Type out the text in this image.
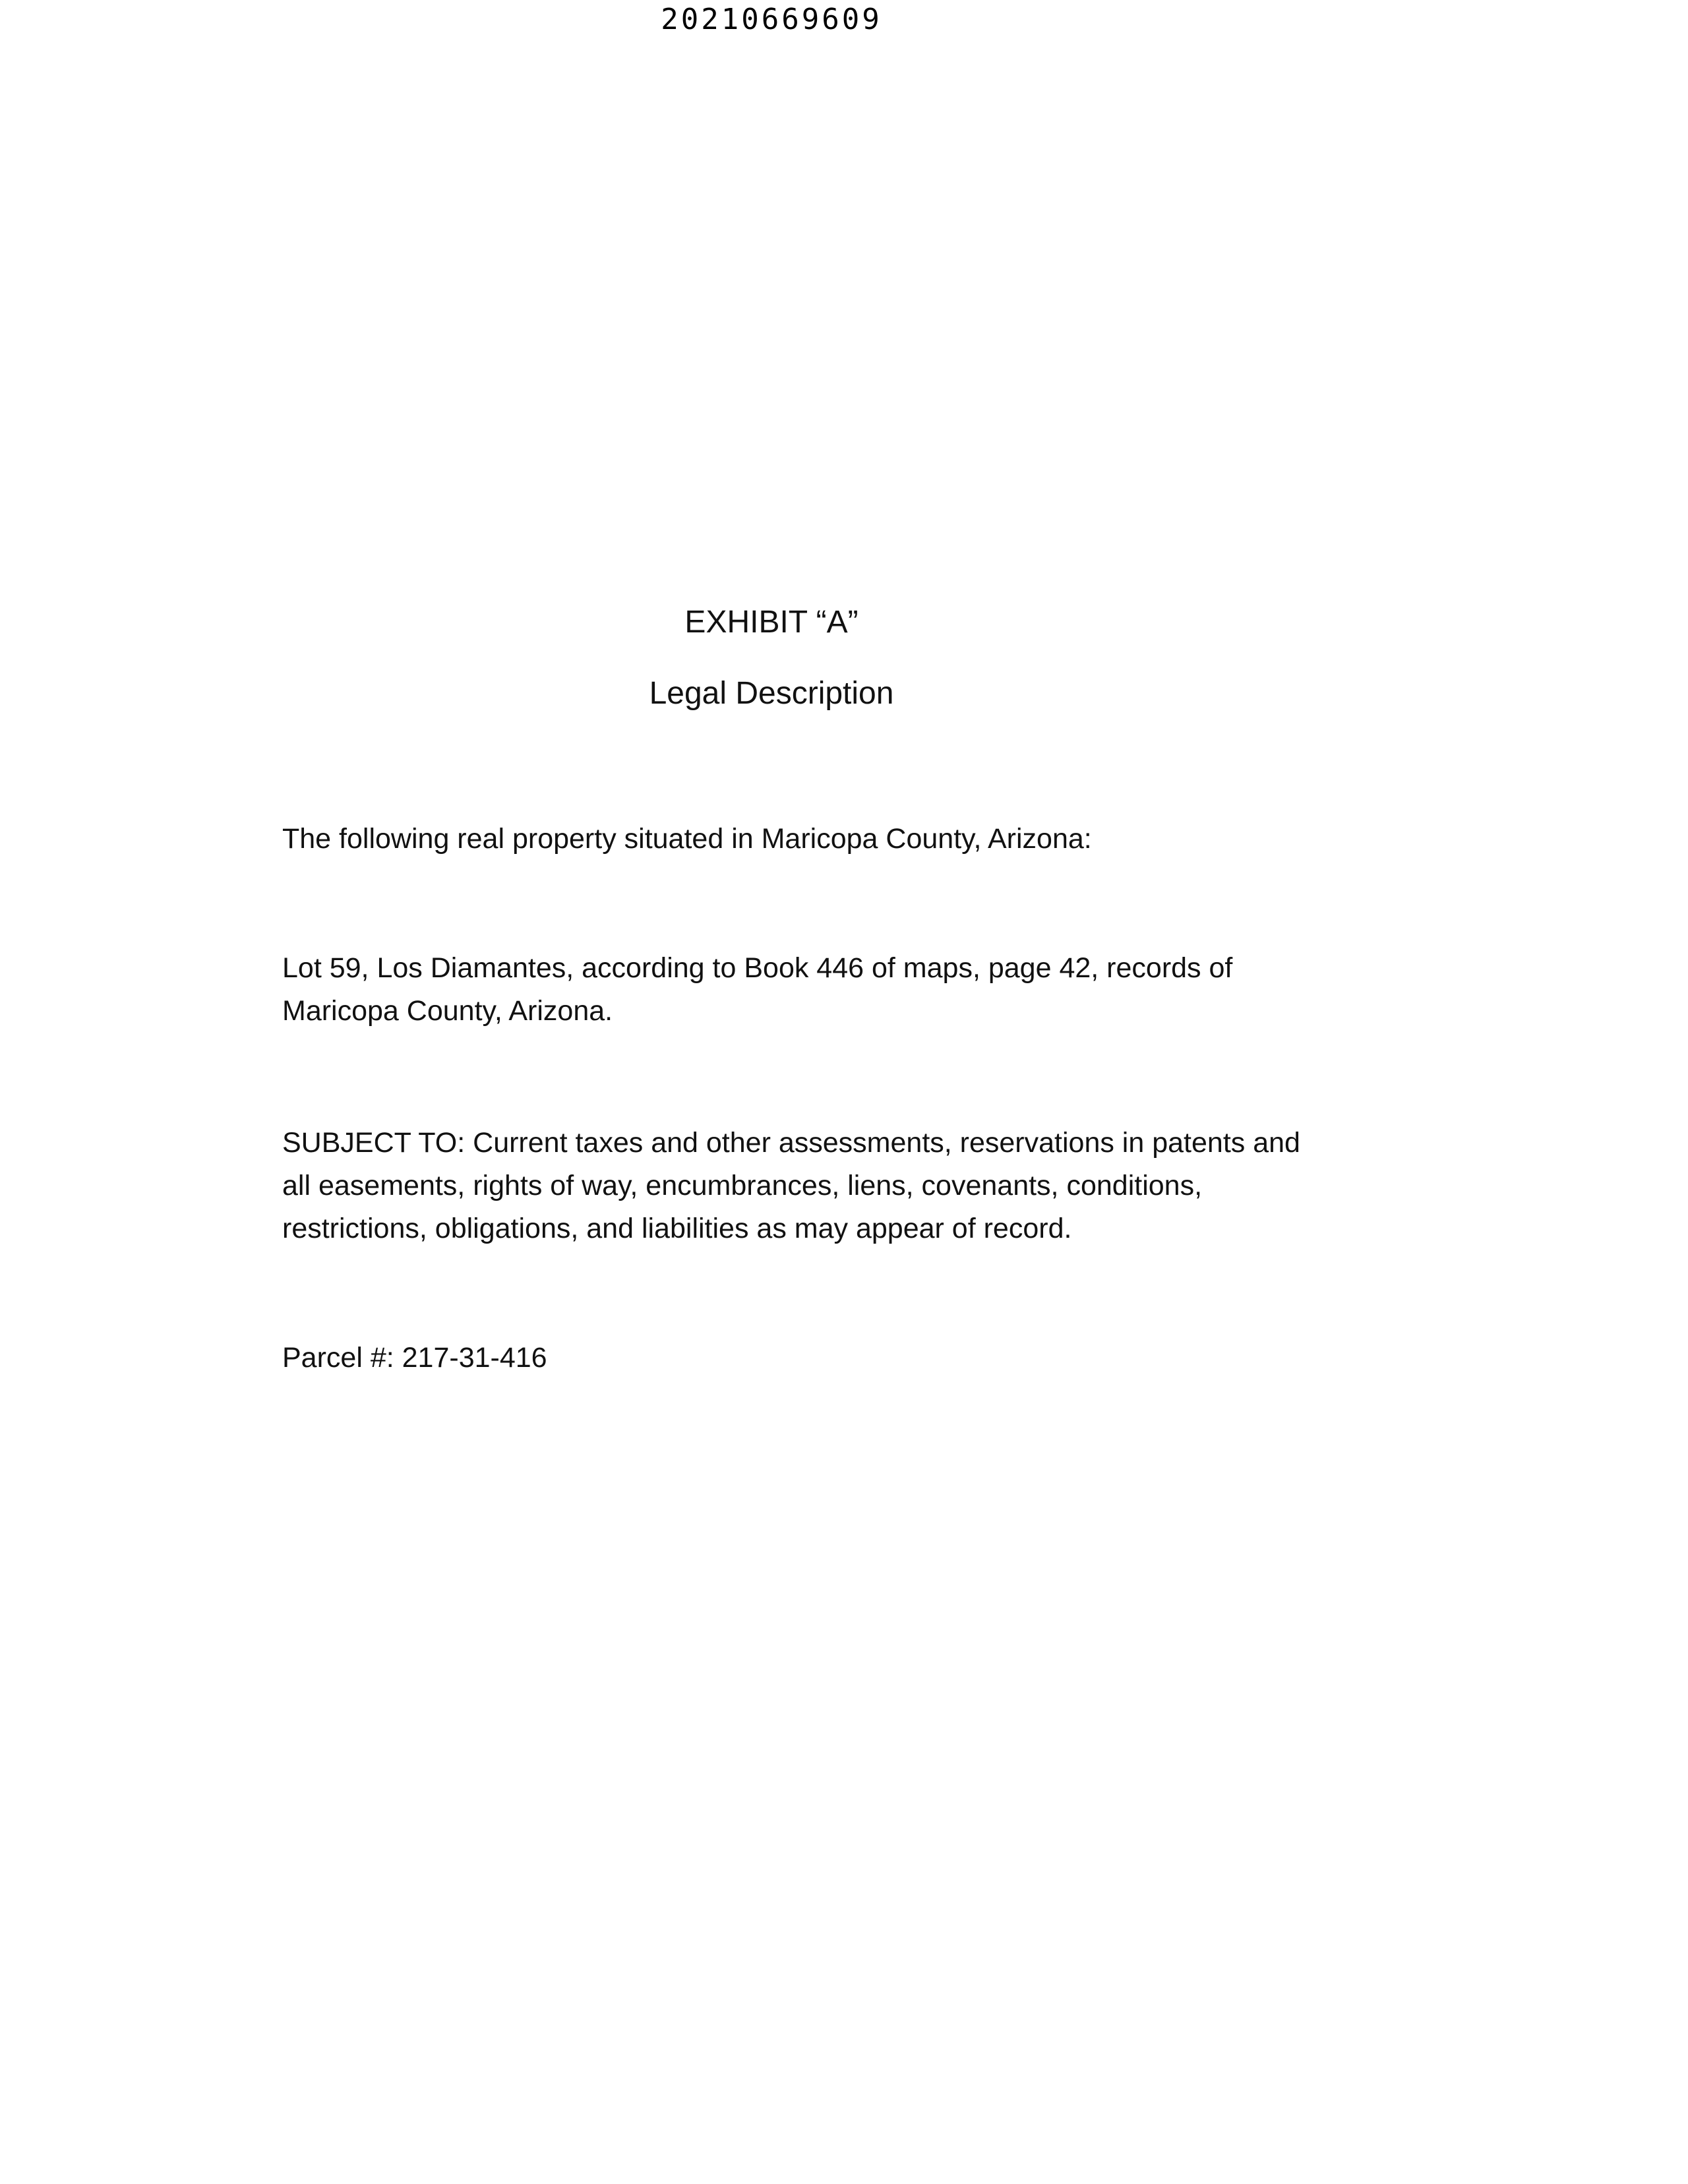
20210669609
EXHIBIT “A”
Legal Description

The following real property situated in Maricopa County, Arizona:

Lot 59, Los Diamantes, according to Book 446 of maps, page 42, records of
Maricopa County, Arizona.

SUBJECT TO: Current taxes and other assessments, reservations in patents and
all easements, rights of way, encumbrances, liens, covenants, conditions,
restrictions, obligations, and liabilities as may appear of record.

Parcel #: 217-31-416
